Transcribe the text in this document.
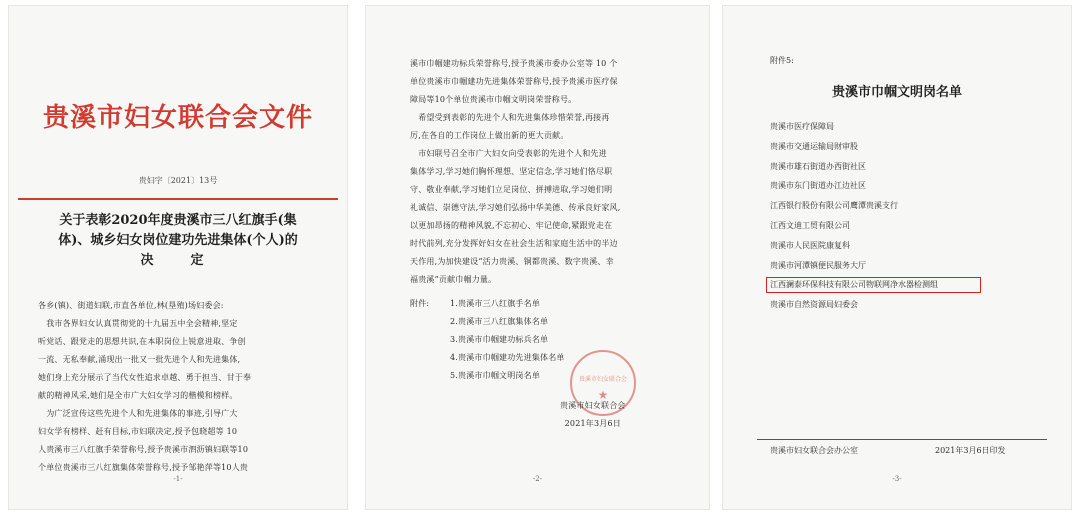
贵溪市妇女联合会文件
贵妇字〔2021〕13号
关于表彰2020年度贵溪市三八红旗手(集
体)、城乡妇女岗位建功先进集体(个人)的
决　定
各乡(镇)、街道妇联,市直各单位,林(垦殖)场妇委会:
　我市各界妇女认真贯彻党的十九届五中全会精神,坚定
听党话、跟党走的思想共识,在本职岗位上锐意进取、争创
一流、无私奉献,涌现出一批又一批先进个人和先进集体,
她们身上充分展示了当代女性追求卓越、勇于担当、甘于奉
献的精神风采,她们是全市广大妇女学习的楷模和榜样。
　为广泛宣传这些先进个人和先进集体的事迹,引导广大
妇女学有榜样、赶有目标,市妇联决定,授予包晓超等 10
人贵溪市三八红旗手荣誉称号,授予贵溪市泗沥镇妇联等10
个单位贵溪市三八红旗集体荣誉称号,授予邹艳萍等10人贵
-1-
溪市巾帼建功标兵荣誉称号,授予贵溪市委办公室等 10 个
单位贵溪市巾帼建功先进集体荣誉称号,授予贵溪市医疗保
障局等10个单位贵溪市巾帼文明岗荣誉称号。
　希望受到表彰的先进个人和先进集体珍惜荣誉,再接再
厉,在各自的工作岗位上做出新的更大贡献。
　市妇联号召全市广大妇女向受表彰的先进个人和先进
集体学习,学习她们胸怀理想、坚定信念,学习她们恪尽职
守、敬业奉献,学习她们立足岗位、拼搏进取,学习她们明
礼诚信、崇德守法,学习她们弘扬中华美德、传承良好家风,
以更加昂扬的精神风貌,不忘初心、牢记使命,紧跟党走在
时代前列,充分发挥好妇女在社会生活和家庭生活中的半边
天作用,为加快建设“活力贵溪、铜都贵溪、数字贵溪、幸
福贵溪”贡献巾帼力量。
附件:	1.贵溪市三八红旗手名单
2.贵溪市三八红旗集体名单
3.贵溪市巾帼建功标兵名单
4.贵溪市巾帼建功先进集体名单
5.贵溪市巾帼文明岗名单	贵溪市妇女联合会
★
贵溪市妇女联合会
2021年3月6日
-2-
附件5:
贵溪市巾帼文明岗名单
贵溪市医疗保障局
贵溪市交通运输局财审股
贵溪市雄石街道办西街社区
贵溪市东门街道办江边社区
江西银行股份有限公司鹰潭贵溪支行
江西文迪工贸有限公司
贵溪市人民医院康复科
贵溪市河潭镇便民服务大厅
江西澜泰环保科技有限公司物联网净水器检测组
贵溪市自然资源局妇委会
贵溪市妇女联合会办公室	2021年3月6日印发
-3-
